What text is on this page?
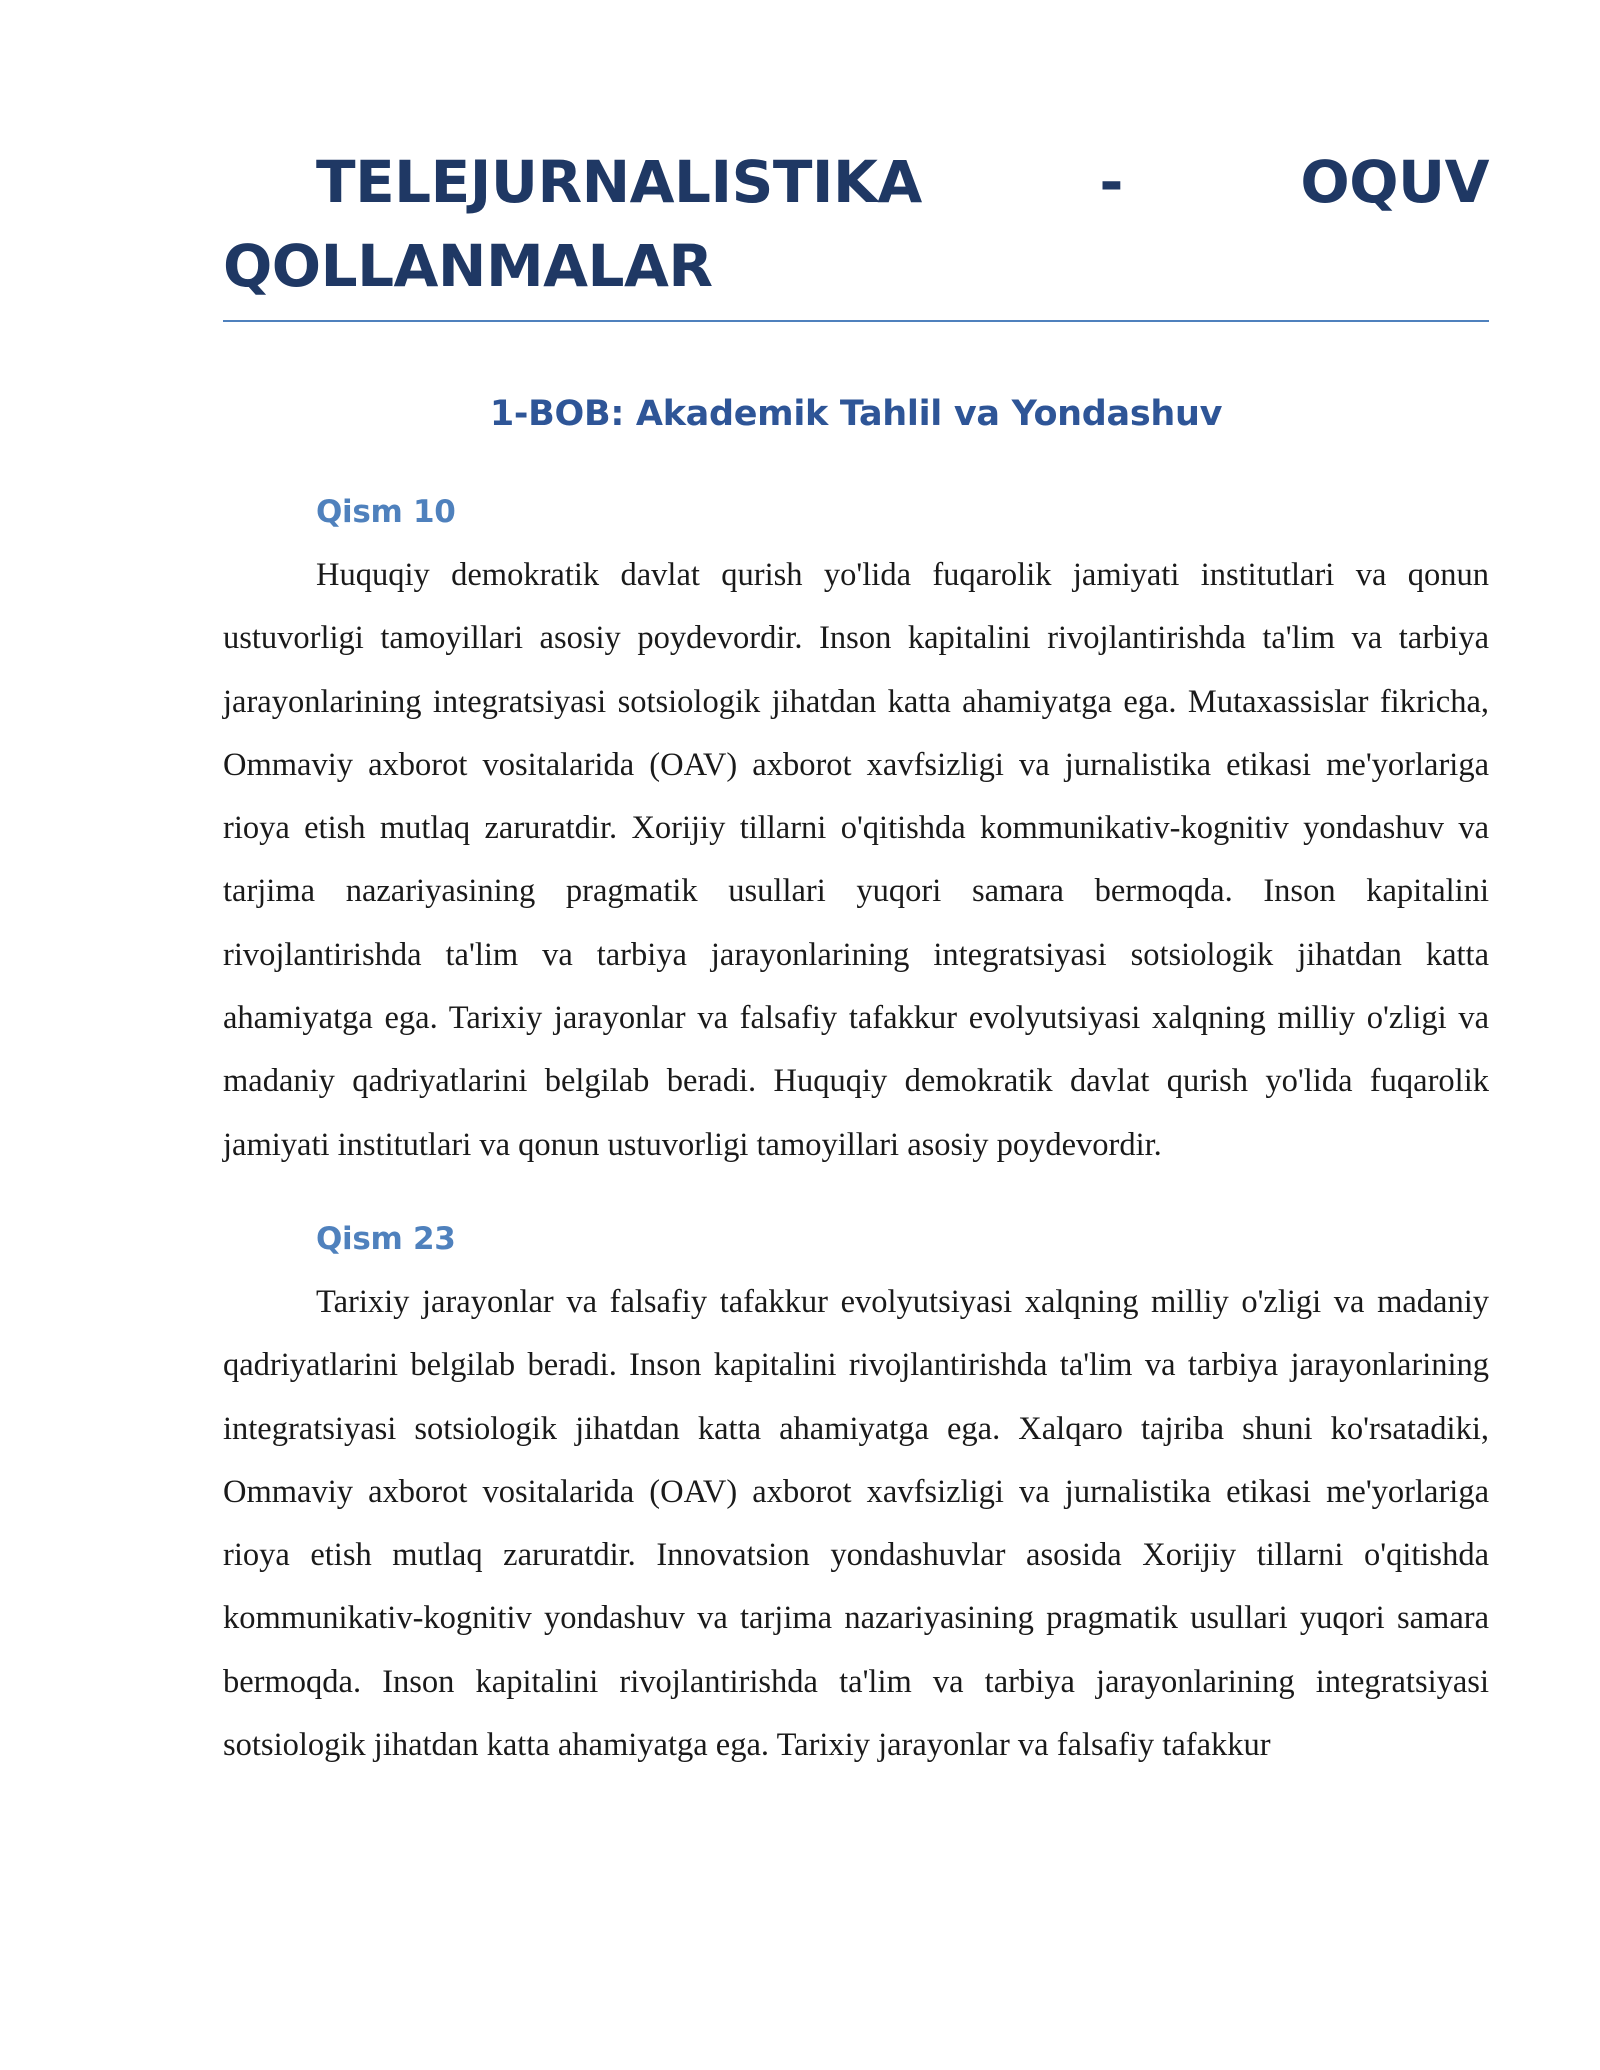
TELEJURNALISTIKA - OQUV QOLLANMALAR
1-BOB: Akademik Tahlil va Yondashuv
Qism 10

Huquqiy demokratik davlat qurish yo'lida fuqarolik jamiyati institutlari va qonun ustuvorligi tamoyillari asosiy poydevordir. Inson kapitalini rivojlantirishda ta'lim va tarbiya jarayonlarining integratsiyasi sotsiologik jihatdan katta ahamiyatga ega. Mutaxassislar fikricha, Ommaviy axborot vositalarida (OAV) axborot xavfsizligi va jurnalistika etikasi me'yorlariga rioya etish mutlaq zaruratdir. Xorijiy tillarni o'qitishda kommunikativ-kognitiv yondashuv va tarjima nazariyasining pragmatik usullari yuqori samara bermoqda. Inson kapitalini rivojlantirishda ta'lim va tarbiya jarayonlarining integratsiyasi sotsiologik jihatdan katta ahamiyatga ega. Tarixiy jarayonlar va falsafiy tafakkur evolyutsiyasi xalqning milliy o'zligi va madaniy qadriyatlarini belgilab beradi. Huquqiy demokratik davlat qurish yo'lida fuqarolik jamiyati institutlari va qonun ustuvorligi tamoyillari asosiy poydevordir.

Qism 23

Tarixiy jarayonlar va falsafiy tafakkur evolyutsiyasi xalqning milliy o'zligi va madaniy qadriyatlarini belgilab beradi. Inson kapitalini rivojlantirishda ta'lim va tarbiya jarayonlarining integratsiyasi sotsiologik jihatdan katta ahamiyatga ega. Xalqaro tajriba shuni ko'rsatadiki, Ommaviy axborot vositalarida (OAV) axborot xavfsizligi va jurnalistika etikasi me'yorlariga rioya etish mutlaq zaruratdir. Innovatsion yondashuvlar asosida Xorijiy tillarni o'qitishda kommunikativ-kognitiv yondashuv va tarjima nazariyasining pragmatik usullari yuqori samara bermoqda. Inson kapitalini rivojlantirishda ta'lim va tarbiya jarayonlarining integratsiyasi sotsiologik jihatdan katta ahamiyatga ega. Tarixiy jarayonlar va falsafiy tafakkur
